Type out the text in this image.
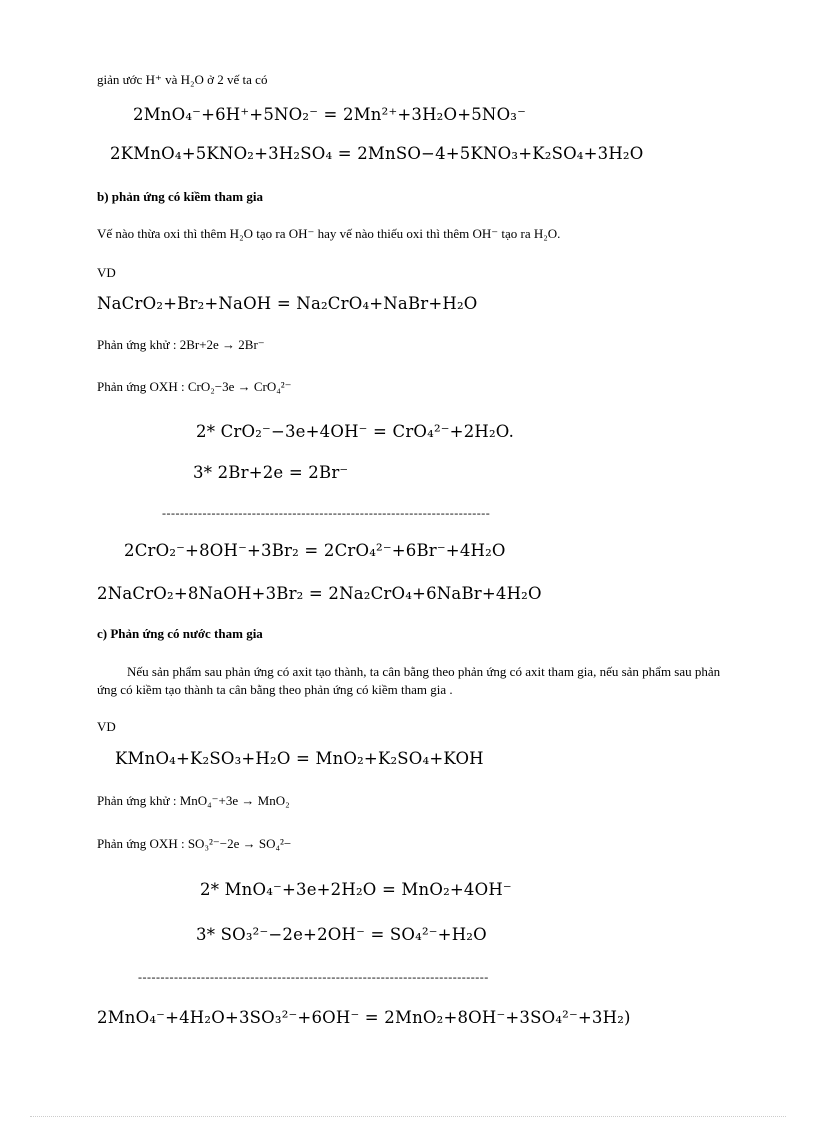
giản ước H⁺ và H₂O ở 2 vế ta có
2MnO₄⁻+6H⁺+5NO₂⁻ = 2Mn²⁺+3H₂O+5NO₃⁻
2KMnO₄+5KNO₂+3H₂SO₄ = 2MnSO−4+5KNO₃+K₂SO₄+3H₂O
b) phản ứng có kiềm tham gia
Vế nào thừa oxi thì thêm H₂O tạo ra OH⁻ hay vế nào thiếu oxi thì thêm OH⁻ tạo ra H₂O.
VD
NaCrO₂+Br₂+NaOH = Na₂CrO₄+NaBr+H₂O
Phản ứng khử : 2Br+2e → 2Br⁻
Phản ứng OXH : CrO₂−3e → CrO₄²⁻
2* CrO₂⁻−3e+4OH⁻ = CrO₄²⁻+2H₂O.
3* 2Br+2e = 2Br⁻
-------------------------------------------------------------------------
2CrO₂⁻+8OH⁻+3Br₂ = 2CrO₄²⁻+6Br⁻+4H₂O
2NaCrO₂+8NaOH+3Br₂ = 2Na₂CrO₄+6NaBr+4H₂O
c) Phản ứng có nước tham gia
Nếu sản phẩm sau phản ứng có axit tạo thành, ta cân bằng theo phản ứng có axit tham gia, nếu sản phẩm sau phản ứng có kiềm tạo thành ta cân bằng theo phản ứng có kiềm tham gia .
VD
KMnO₄+K₂SO₃+H₂O = MnO₂+K₂SO₄+KOH
Phản ứng khử : MnO₄⁻+3e → MnO₂
Phản ứng OXH : SO₃²⁻−2e → SO₄²−
2* MnO₄⁻+3e+2H₂O = MnO₂+4OH⁻
3* SO₃²⁻−2e+2OH⁻ = SO₄²⁻+H₂O
------------------------------------------------------------------------------
2MnO₄⁻+4H₂O+3SO₃²⁻+6OH⁻ = 2MnO₂+8OH⁻+3SO₄²⁻+3H₂)
